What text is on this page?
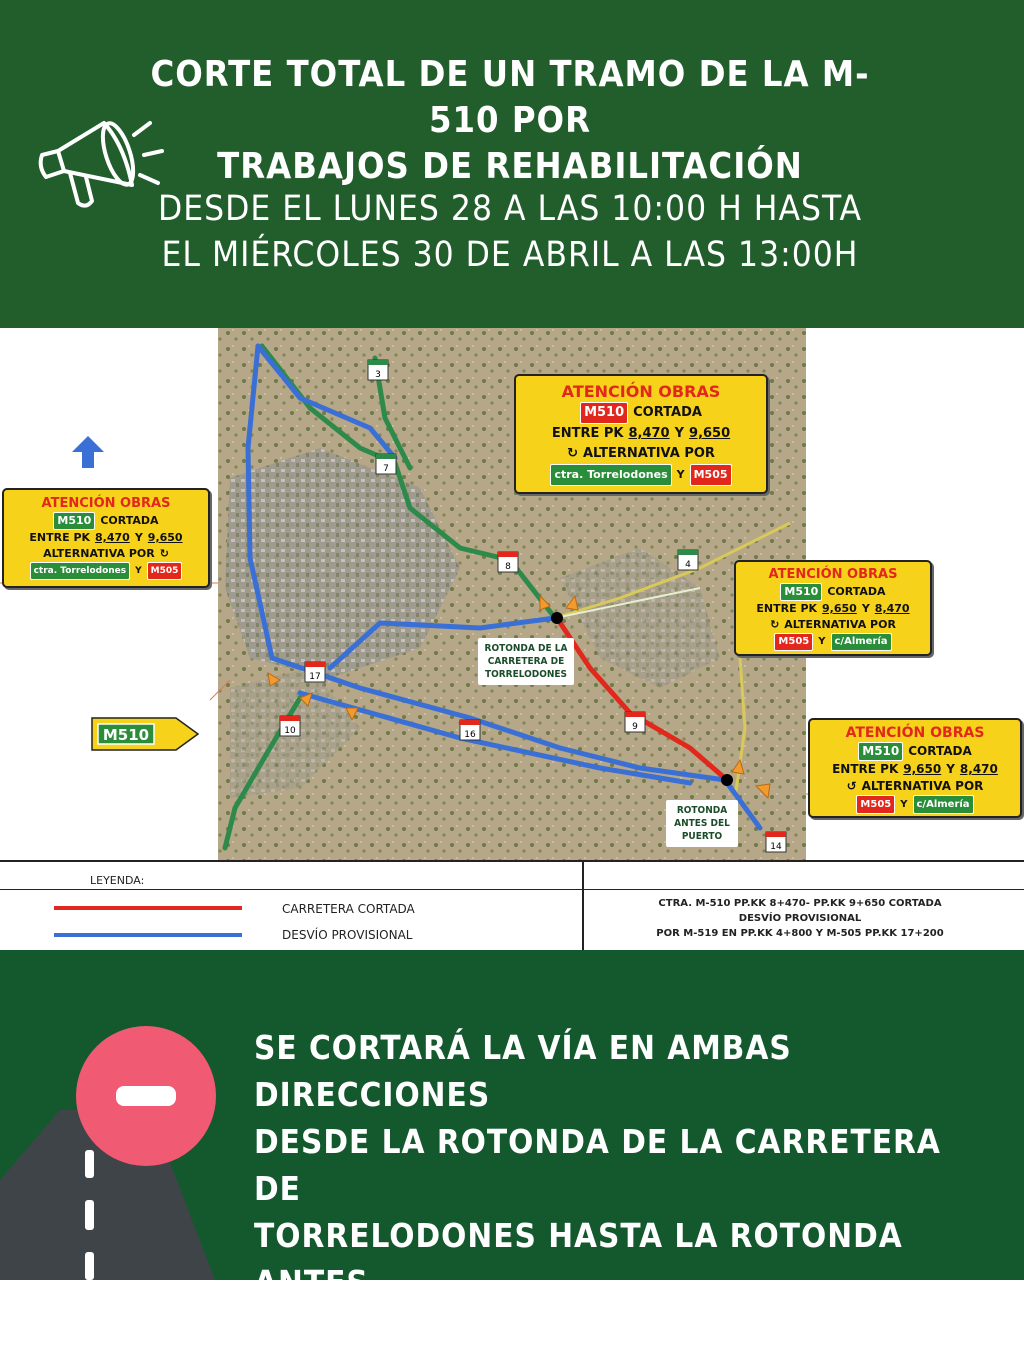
CORTE TOTAL DE UN TRAMO DE LA M-510 POR
TRABAJOS DE REHABILITACIÓN
DESDE EL LUNES 28 A LAS 10:00 H HASTA
EL MIÉRCOLES 30 DE ABRIL A LAS 13:00H
3
7
8	4
17
10	16
9
14
M510
ROTONDA DE LA
CARRETERA DE
TORRELODONES
ROTONDA
ANTES DEL
PUERTO
ATENCIÓN OBRAS
M510 CORTADA
ENTRE PK 8,470 Y 9,650
↻ ALTERNATIVA POR
ctra. Torrelodones Y M505
ATENCIÓN OBRAS
M510 CORTADA
ENTRE PK 8,470 Y 9,650
ALTERNATIVA POR ↻
ctra. Torrelodones	Y	M505	ATENCIÓN OBRAS
M510 CORTADA
ENTRE PK 9,650 Y 8,470
↻ ALTERNATIVA POR
M505 Y c/Almería
ATENCIÓN OBRAS
M510 CORTADA
ENTRE PK 9,650 Y 8,470
↺ ALTERNATIVA POR
M505 Y c/Almería
LEYENDA:
CARRETERA CORTADA
DESVÍO PROVISIONAL
CTRA. M-510 PP.KK 8+470- PP.KK 9+650 CORTADA
DESVÍO PROVISIONAL
POR M-519 EN PP.KK 4+800 Y M-505 PP.KK 17+200
SE CORTARÁ LA VÍA EN AMBAS DIRECCIONES
DESDE LA ROTONDA DE LA CARRETERA DE
TORRELODONES HASTA LA ROTONDA ANTES
DE EMPEZAR EL PUERTO
